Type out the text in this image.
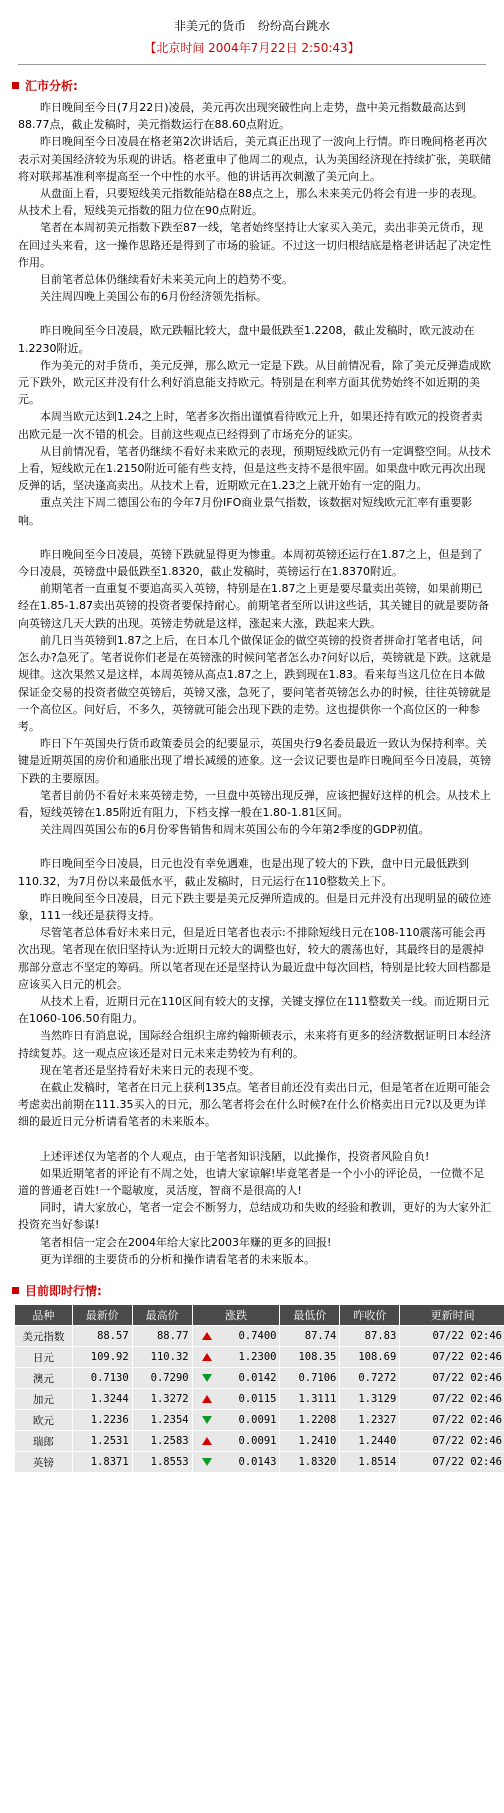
非美元的货币　纷纷高台跳水
【北京时间 2004年7月22日 2:50:43】
汇市分析:

昨日晚间至今日(7月22日)凌晨，美元再次出现突破性向上走势，盘中美元指数最高达到88.77点，截止发稿时，美元指数运行在88.60点附近。

昨日晚间至今日凌晨在格老第2次讲话后，美元真正出现了一波向上行情。昨日晚间格老再次表示对美国经济较为乐观的讲话。格老重申了他周二的观点，认为美国经济现在持续扩张，美联储将对联邦基准利率提高至一个中性的水平。他的讲话再次刺激了美元向上。

从盘面上看，只要短线美元指数能站稳在88点之上，那么未来美元仍将会有进一步的表现。从技术上看，短线美元指数的阻力位在90点附近。

笔者在本周初美元指数下跌至87一线，笔者始终坚持让大家买入美元，卖出非美元货币，现在回过头来看，这一操作思路还是得到了市场的验证。不过这一切归根结底是格老讲话起了决定性作用。

目前笔者总体仍继续看好未来美元向上的趋势不变。

关注周四晚上美国公布的6月份经济领先指标。

昨日晚间至今日凌晨，欧元跌幅比较大，盘中最低跌至1.2208，截止发稿时，欧元波动在1.2230附近。

作为美元的对手货币，美元反弹，那么欧元一定是下跌。从目前情况看，除了美元反弹造成欧元下跌外，欧元区并没有什么利好消息能支持欧元。特别是在利率方面其优势始终不如近期的美元。

本周当欧元达到1.24之上时，笔者多次指出谨慎看待欧元上升，如果还持有欧元的投资者卖出欧元是一次不错的机会。目前这些观点已经得到了市场充分的证实。

从目前情况看，笔者仍继续不看好未来欧元的表现，预期短线欧元仍有一定调整空间。从技术上看，短线欧元在1.2150附近可能有些支持，但是这些支持不是很牢固。如果盘中欧元再次出现反弹的话，坚决逢高卖出。从技术上看，近期欧元在1.23之上就开始有一定的阻力。

重点关注下周二德国公布的今年7月份IFO商业景气指数，该数据对短线欧元汇率有重要影响。

昨日晚间至今日凌晨，英镑下跌就显得更为惨重。本周初英镑还运行在1.87之上，但是到了今日凌晨，英镑盘中最低跌至1.8320，截止发稿时，英镑运行在1.8370附近。

前期笔者一直重复不要追高买入英镑，特别是在1.87之上更是要尽量卖出英镑，如果前期已经在1.85-1.87卖出英镑的投资者要保持耐心。前期笔者至所以讲这些话，其关键目的就是要防备向英镑这几天大跌的出现。英镑走势就是这样，涨起来大涨，跌起来大跌。

前几日当英镑到1.87之上后，在日本几个做保证金的做空英镑的投资者拼命打笔者电话，问怎么办?急死了。笔者说你们老是在英镑涨的时候问笔者怎么办?问好以后，英镑就是下跌。这就是规律。这次果然又是这样，本周英镑从高点1.87之上，跌到现在1.83。看来每当这几位在日本做保证金交易的投资者做空英镑后，英镑又涨，急死了，要问笔者英镑怎么办的时候，往往英镑就是一个高位区。问好后，不多久，英镑就可能会出现下跌的走势。这也提供你一个高位区的一种参考。

昨日下午英国央行货币政策委员会的纪要显示，英国央行9名委员最近一致认为保持利率。关键是近期英国的房价和通胀出现了增长减缓的迹象。这一会议记要也是昨日晚间至今日凌晨，英镑下跌的主要原因。

笔者目前仍不看好未来英镑走势，一旦盘中英镑出现反弹，应该把握好这样的机会。从技术上看，短线英镑在1.85附近有阻力，下档支撑一般在1.80-1.81区间。

关注周四英国公布的6月份零售销售和周末英国公布的今年第2季度的GDP初值。

昨日晚间至今日凌晨，日元也没有幸免遇难，也是出现了较大的下跌，盘中日元最低跌到110.32，为7月份以来最低水平，截止发稿时，日元运行在110整数关上下。

昨日晚间至今日凌晨，日元下跌主要是美元反弹所造成的。但是日元并没有出现明显的破位迹象，111一线还是获得支持。

尽管笔者总体看好未来日元，但是近日笔者也表示:不排除短线日元在108-110震荡可能会再次出现。笔者现在依旧坚持认为:近期日元较大的调整也好，较大的震荡也好，其最终目的是震掉那部分意志不坚定的筹码。所以笔者现在还是坚持认为最近盘中每次回档，特别是比较大回档都是应该买入日元的机会。

从技术上看，近期日元在110区间有较大的支撑，关键支撑位在111整数关一线。而近期日元在1060-106.50有阻力。

当然昨日有消息说，国际经合组织主席约翰斯顿表示，未来将有更多的经济数据证明日本经济持续复苏。这一观点应该还是对日元未来走势较为有利的。

现在笔者还是坚持看好未来日元的表现不变。

在截止发稿时，笔者在日元上获利135点。笔者目前还没有卖出日元，但是笔者在近期可能会考虑卖出前期在111.35买入的日元，那么笔者将会在什么时候?在什么价格卖出日元?以及更为详细的最近日元分析请看笔者的未来版本。

上述评述仅为笔者的个人观点，由于笔者知识浅陋，以此操作，投资者风险自负!

如果近期笔者的评论有不周之处，也请大家谅解!毕竟笔者是一个小小的评论员，一位微不足道的普通老百姓!一个聪敏度，灵活度，智商不是很高的人!

同时，请大家放心，笔者一定会不断努力，总结成功和失败的经验和教训，更好的为大家外汇投资充当好参谋!

笔者相信一定会在2004年给大家比2003年赚的更多的回报!

更为详细的主要货币的分析和操作请看笔者的未来版本。

目前即时行情:
品种	最新价	最高价	涨跌	最低价	昨收价	更新时间
美元指数	88.57	88.77	0.7400	87.74	87.83	07/22 02:46
日元	109.92	110.32	1.2300	108.35	108.69	07/22 02:46
澳元	0.7130	0.7290	0.0142	0.7106	0.7272	07/22 02:46
加元	1.3244	1.3272	0.0115	1.3111	1.3129	07/22 02:46
欧元	1.2236	1.2354	0.0091	1.2208	1.2327	07/22 02:46
瑞郎	1.2531	1.2583	0.0091	1.2410	1.2440	07/22 02:46
英镑	1.8371	1.8553	0.0143	1.8320	1.8514	07/22 02:46
